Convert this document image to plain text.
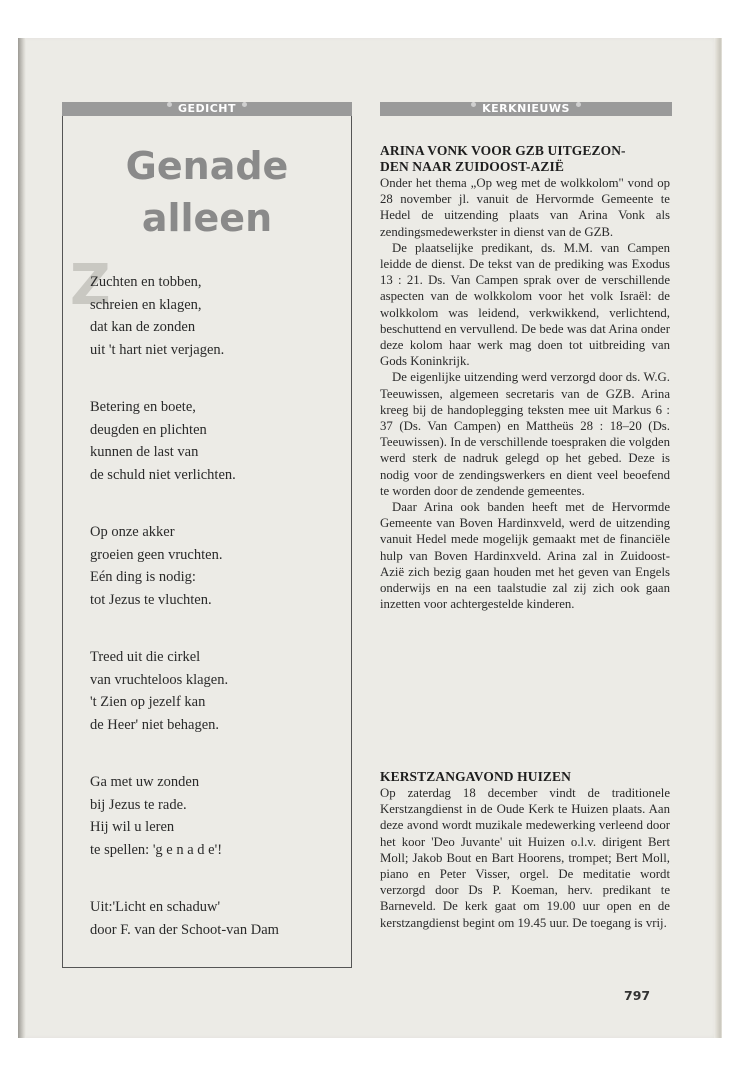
GEDICHT
Genade
alleen
Z
Zuchten en tobben,
schreien en klagen,
dat kan de zonden
uit 't hart niet verjagen.
Betering en boete,
deugden en plichten
kunnen de last van
de schuld niet verlichten.
Op onze akker
groeien geen vruchten.
Eén ding is nodig:
tot Jezus te vluchten.
Treed uit die cirkel
van vruchteloos klagen.
't Zien op jezelf kan
de Heer' niet behagen.
Ga met uw zonden
bij Jezus te rade.
Hij wil u leren
te spellen: 'g e n a d e'!
Uit:'Licht en schaduw'
door F. van der Schoot-van Dam
KERKNIEUWS
ARINA VONK VOOR GZB UITGEZON-
DEN NAAR ZUIDOOST-AZIË

Onder het thema „Op weg met de wolkkolom" vond op 28 november jl. vanuit de Hervormde Gemeente te Hedel de uitzending plaats van Arina Vonk als zendingsmedewerkster in dienst van de GZB.

De plaatselijke predikant, ds. M.M. van Campen leidde de dienst. De tekst van de prediking was Exodus 13 : 21. Ds. Van Campen sprak over de verschillende aspecten van de wolkkolom voor het volk Israël: de wolkkolom was leidend, verkwikkend, verlichtend, beschuttend en vervullend. De bede was dat Arina onder deze kolom haar werk mag doen tot uitbreiding van Gods Koninkrijk.

De eigenlijke uitzending werd verzorgd door ds. W.G. Teeuwissen, algemeen secretaris van de GZB. Arina kreeg bij de handoplegging teksten mee uit Markus 6 : 37 (Ds. Van Campen) en Mattheüs 28 : 18–20 (Ds. Teeuwissen). In de verschillende toespraken die volgden werd sterk de nadruk gelegd op het gebed. Deze is nodig voor de zendingswerkers en dient veel beoefend te worden door de zendende gemeentes.

Daar Arina ook banden heeft met de Hervormde Gemeente van Boven Hardinxveld, werd de uitzending vanuit Hedel mede mogelijk gemaakt met de financiële hulp van Boven Hardinxveld. Arina zal in Zuidoost-Azië zich bezig gaan houden met het geven van Engels onderwijs en na een taalstudie zal zij zich ook gaan inzetten voor achtergestelde kinderen.

KERSTZANGAVOND HUIZEN

Op zaterdag 18 december vindt de traditionele Kerstzangdienst in de Oude Kerk te Huizen plaats. Aan deze avond wordt muzikale medewerking verleend door het koor 'Deo Juvante' uit Huizen o.l.v. dirigent Bert Moll; Jakob Bout en Bart Hoorens, trompet; Bert Moll, piano en Peter Visser, orgel. De meditatie wordt verzorgd door Ds P. Koeman, herv. predikant te Barneveld. De kerk gaat om 19.00 uur open en de kerstzangdienst begint om 19.45 uur. De toegang is vrij.

797
